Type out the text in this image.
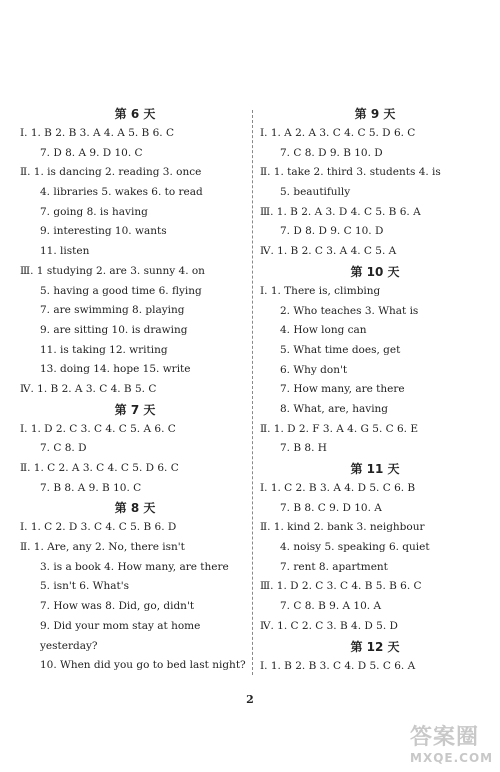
第 6 天
Ⅰ. 1. B 2. B 3. A 4. A 5. B 6. C
7. D 8. A 9. D 10. C
Ⅱ. 1. is dancing 2. reading 3. once
4. libraries 5. wakes 6. to read
7. going 8. is having
9. interesting 10. wants
11. listen
Ⅲ. 1 studying 2. are 3. sunny 4. on
5. having a good time 6. flying
7. are swimming 8. playing
9. are sitting 10. is drawing
11. is taking 12. writing
13. doing 14. hope 15. write
Ⅳ. 1. B 2. A 3. C 4. B 5. C
第 7 天
Ⅰ. 1. D 2. C 3. C 4. C 5. A 6. C
7. C 8. D
Ⅱ. 1. C 2. A 3. C 4. C 5. D 6. C
7. B 8. A 9. B 10. C
第 8 天
Ⅰ. 1. C 2. D 3. C 4. C 5. B 6. D
Ⅱ. 1. Are, any 2. No, there isn't
3. is a book 4. How many, are there
5. isn't 6. What's
7. How was 8. Did, go, didn't
9. Did your mom stay at home
yesterday?
10. When did you go to bed last night?
第 9 天
Ⅰ. 1. A 2. A 3. C 4. C 5. D 6. C
7. C 8. D 9. B 10. D
Ⅱ. 1. take 2. third 3. students 4. is
5. beautifully
Ⅲ. 1. B 2. A 3. D 4. C 5. B 6. A
7. D 8. D 9. C 10. D
Ⅳ. 1. B 2. C 3. A 4. C 5. A
第 10 天
Ⅰ. 1. There is, climbing
2. Who teaches 3. What is
4. How long can
5. What time does, get
6. Why don't
7. How many, are there
8. What, are, having
Ⅱ. 1. D 2. F 3. A 4. G 5. C 6. E
7. B 8. H
第 11 天
Ⅰ. 1. C 2. B 3. A 4. D 5. C 6. B
7. B 8. C 9. D 10. A
Ⅱ. 1. kind 2. bank 3. neighbour
4. noisy 5. speaking 6. quiet
7. rent 8. apartment
Ⅲ. 1. D 2. C 3. C 4. B 5. B 6. C
7. C 8. B 9. A 10. A
Ⅳ. 1. C 2. C 3. B 4. D 5. D
第 12 天
Ⅰ. 1. B 2. B 3. C 4. D 5. C 6. A
2
答案圈
MXQE.COM
